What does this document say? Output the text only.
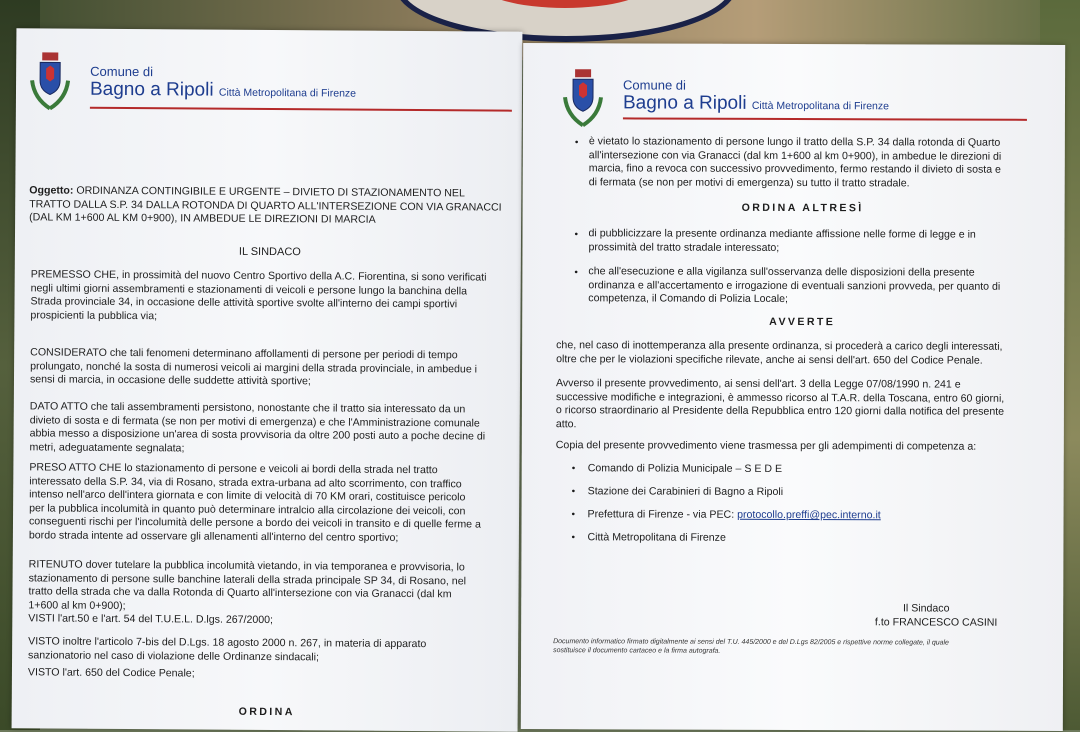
Comune di
Bagno a Ripoli Città Metropolitana di Firenze
Oggetto: ORDINANZA CONTINGIBILE E URGENTE – DIVIETO DI STAZIONAMENTO NEL
TRATTO DALLA S.P. 34 DALLA ROTONDA DI QUARTO ALL'INTERSEZIONE CON VIA GRANACCI
(DAL KM 1+600 AL KM 0+900), IN AMBEDUE LE DIREZIONI DI MARCIA
IL SINDACO
PREMESSO CHE, in prossimità del nuovo Centro Sportivo della A.C. Fiorentina, si sono verificati
negli ultimi giorni assembramenti e stazionamenti di veicoli e persone lungo la banchina della
Strada provinciale 34, in occasione delle attività sportive svolte all'interno dei campi sportivi
prospicienti la pubblica via;
CONSIDERATO che tali fenomeni determinano affollamenti di persone per periodi di tempo
prolungato, nonché la sosta di numerosi veicoli ai margini della strada provinciale, in ambedue i
sensi di marcia, in occasione delle suddette attività sportive;
DATO ATTO che tali assembramenti persistono, nonostante che il tratto sia interessato da un
divieto di sosta e di fermata (se non per motivi di emergenza) e che l'Amministrazione comunale
abbia messo a disposizione un'area di sosta provvisoria da oltre 200 posti auto a poche decine di
metri, adeguatamente segnalata;
PRESO ATTO CHE lo stazionamento di persone e veicoli ai bordi della strada nel tratto
interessato della S.P. 34, via di Rosano, strada extra-urbana ad alto scorrimento, con traffico
intenso nell'arco dell'intera giornata e con limite di velocità di 70 KM orari, costituisce pericolo
per la pubblica incolumità in quanto può determinare intralcio alla circolazione dei veicoli, con
conseguenti rischi per l'incolumità delle persone a bordo dei veicoli in transito e di quelle ferme a
bordo strada intente ad osservare gli allenamenti all'interno del centro sportivo;
RITENUTO dover tutelare la pubblica incolumità vietando, in via temporanea e provvisoria, lo
stazionamento di persone sulle banchine laterali della strada principale SP 34, di Rosano, nel
tratto della strada che va dalla Rotonda di Quarto all'intersezione con via Granacci (dal km
1+600 al km 0+900);
VISTI l'art.50 e l'art. 54 del T.U.E.L. D.lgs. 267/2000;
VISTO inoltre l'articolo 7-bis del D.Lgs. 18 agosto 2000 n. 267, in materia di apparato
sanzionatorio nel caso di violazione delle Ordinanze sindacali;
VISTO l'art. 650 del Codice Penale;
ORDINA
Comune di
Bagno a Ripoli Città Metropolitana di Firenze
• è vietato lo stazionamento di persone lungo il tratto della S.P. 34 dalla rotonda di Quarto
all'intersezione con via Granacci (dal km 1+600 al km 0+900), in ambedue le direzioni di
marcia, fino a revoca con successivo provvedimento, fermo restando il divieto di sosta e
di fermata (se non per motivi di emergenza) su tutto il tratto stradale.
ORDINA ALTRESÌ
• di pubblicizzare la presente ordinanza mediante affissione nelle forme di legge e in
prossimità del tratto stradale interessato;
• che all'esecuzione e alla vigilanza sull'osservanza delle disposizioni della presente
ordinanza e all'accertamento e irrogazione di eventuali sanzioni provveda, per quanto di
competenza, il Comando di Polizia Locale;
AVVERTE
che, nel caso di inottemperanza alla presente ordinanza, si procederà a carico degli interessati,
oltre che per le violazioni specifiche rilevate, anche ai sensi dell'art. 650 del Codice Penale.
Avverso il presente provvedimento, ai sensi dell'art. 3 della Legge 07/08/1990 n. 241 e
successive modifiche e integrazioni, è ammesso ricorso al T.A.R. della Toscana, entro 60 giorni,
o ricorso straordinario al Presidente della Repubblica entro 120 giorni dalla notifica del presente
atto.
Copia del presente provvedimento viene trasmessa per gli adempimenti di competenza a:
• Comando di Polizia Municipale – S E D E
• Stazione dei Carabinieri di Bagno a Ripoli
• Prefettura di Firenze - via PEC: protocollo.preffi@pec.interno.it
• Città Metropolitana di Firenze
Il Sindaco
f.to FRANCESCO CASINI
Documento informatico firmato digitalmente ai sensi del T.U. 445/2000 e del D.Lgs 82/2005 e rispettive norme collegate, il quale
sostituisce il documento cartaceo e la firma autografa.
